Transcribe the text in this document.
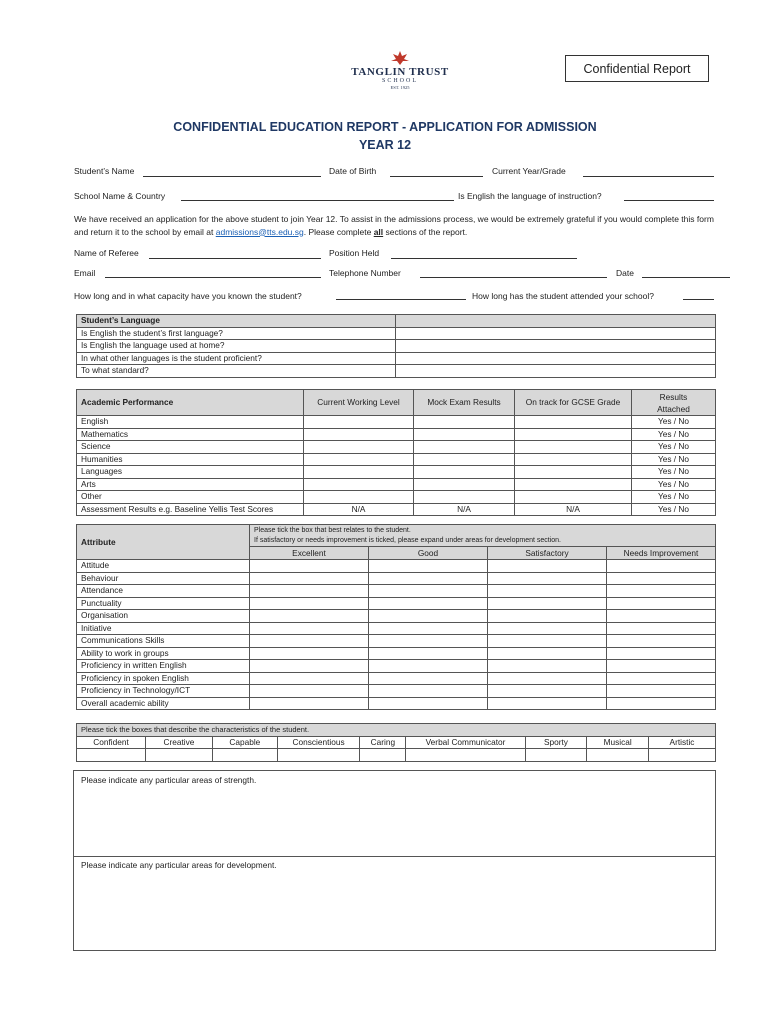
Confidential Report
TANGLIN TRUST
SCHOOL
EST. 1925
CONFIDENTIAL EDUCATION REPORT - APPLICATION FOR ADMISSION
YEAR 12
Student’s Name	Date of Birth	Current Year/Grade
School Name & Country	Is English the language of instruction?
We have received an application for the above student to join Year 12. To assist in the admissions process, we would be extremely grateful if you would complete this form and return it to the school by email at admissions@tts.edu.sg. Please complete all sections of the report.
Name of Referee	Position Held
Email	Telephone Number	Date
How long and in what capacity have you known the student?	How long has the student attended your school?
Student’s Language	
Is English the student’s first language?	
Is English the language used at home?	
In what other languages is the student proficient?	
To what standard?	
Academic Performance	Current Working Level	Mock Exam Results	On track for GCSE Grade	Results
Attached
English				Yes / No
Mathematics				Yes / No
Science				Yes / No
Humanities				Yes / No
Languages				Yes / No
Arts				Yes / No
Other				Yes / No
Assessment Results e.g. Baseline Yellis Test Scores	N/A	N/A	N/A	Yes / No
Attribute	Please tick the box that best relates to the student.
If satisfactory or needs improvement is ticked, please expand under areas for development section.			
	Excellent	Good	Satisfactory	Needs Improvement
Attitude				
Behaviour				
Attendance				
Punctuality				
Organisation				
Initiative				
Communications Skills				
Ability to work in groups				
Proficiency in written English				
Proficiency in spoken English				
Proficiency in Technology/ICT				
Overall academic ability				
Please tick the boxes that describe the characteristics of the student.								
Confident	Creative	Capable	Conscientious	Caring	Verbal Communicator	Sporty	Musical	Artistic

Please indicate any particular areas of strength.
Please indicate any particular areas for development.
